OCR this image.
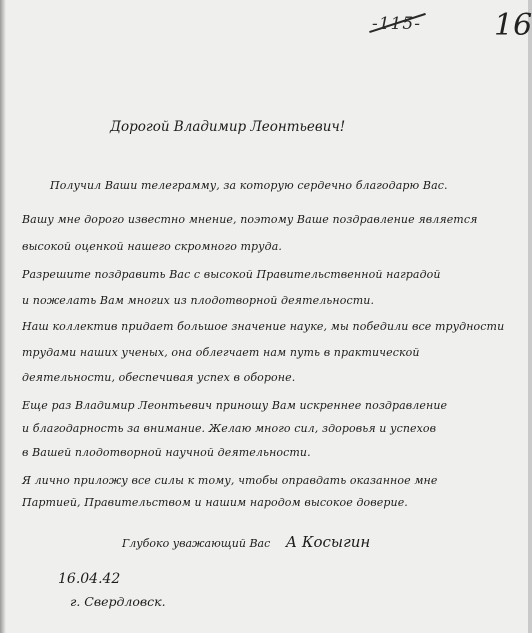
-115- 16
Дорогой Владимир Леонтьевич!
Получил Ваши телеграмму, за которую сердечно благодарю Вас.
Вашу мне дорого известно мнение, поэтому Ваше поздравление является
высокой оценкой нашего скромного труда.
Разрешите поздравить Вас с высокой Правительственной наградой
и пожелать Вам многих из плодотворной деятельности.
Наш коллектив придает большое значение науке, мы победили все трудности
трудами наших ученых, она облегчает нам путь в практической
деятельности, обеспечивая успех в обороне.
Еще раз Владимир Леонтьевич приношу Вам искреннее поздравление
и благодарность за внимание. Желаю много сил, здоровья и успехов
в Вашей плодотворной научной деятельности.
Я лично приложу все силы к тому, чтобы оправдать оказанное мне
Партией, Правительством и нашим народом высокое доверие.
Глубоко уважающий Вас А Косыгин
16.04.42
г. Свердловск.
